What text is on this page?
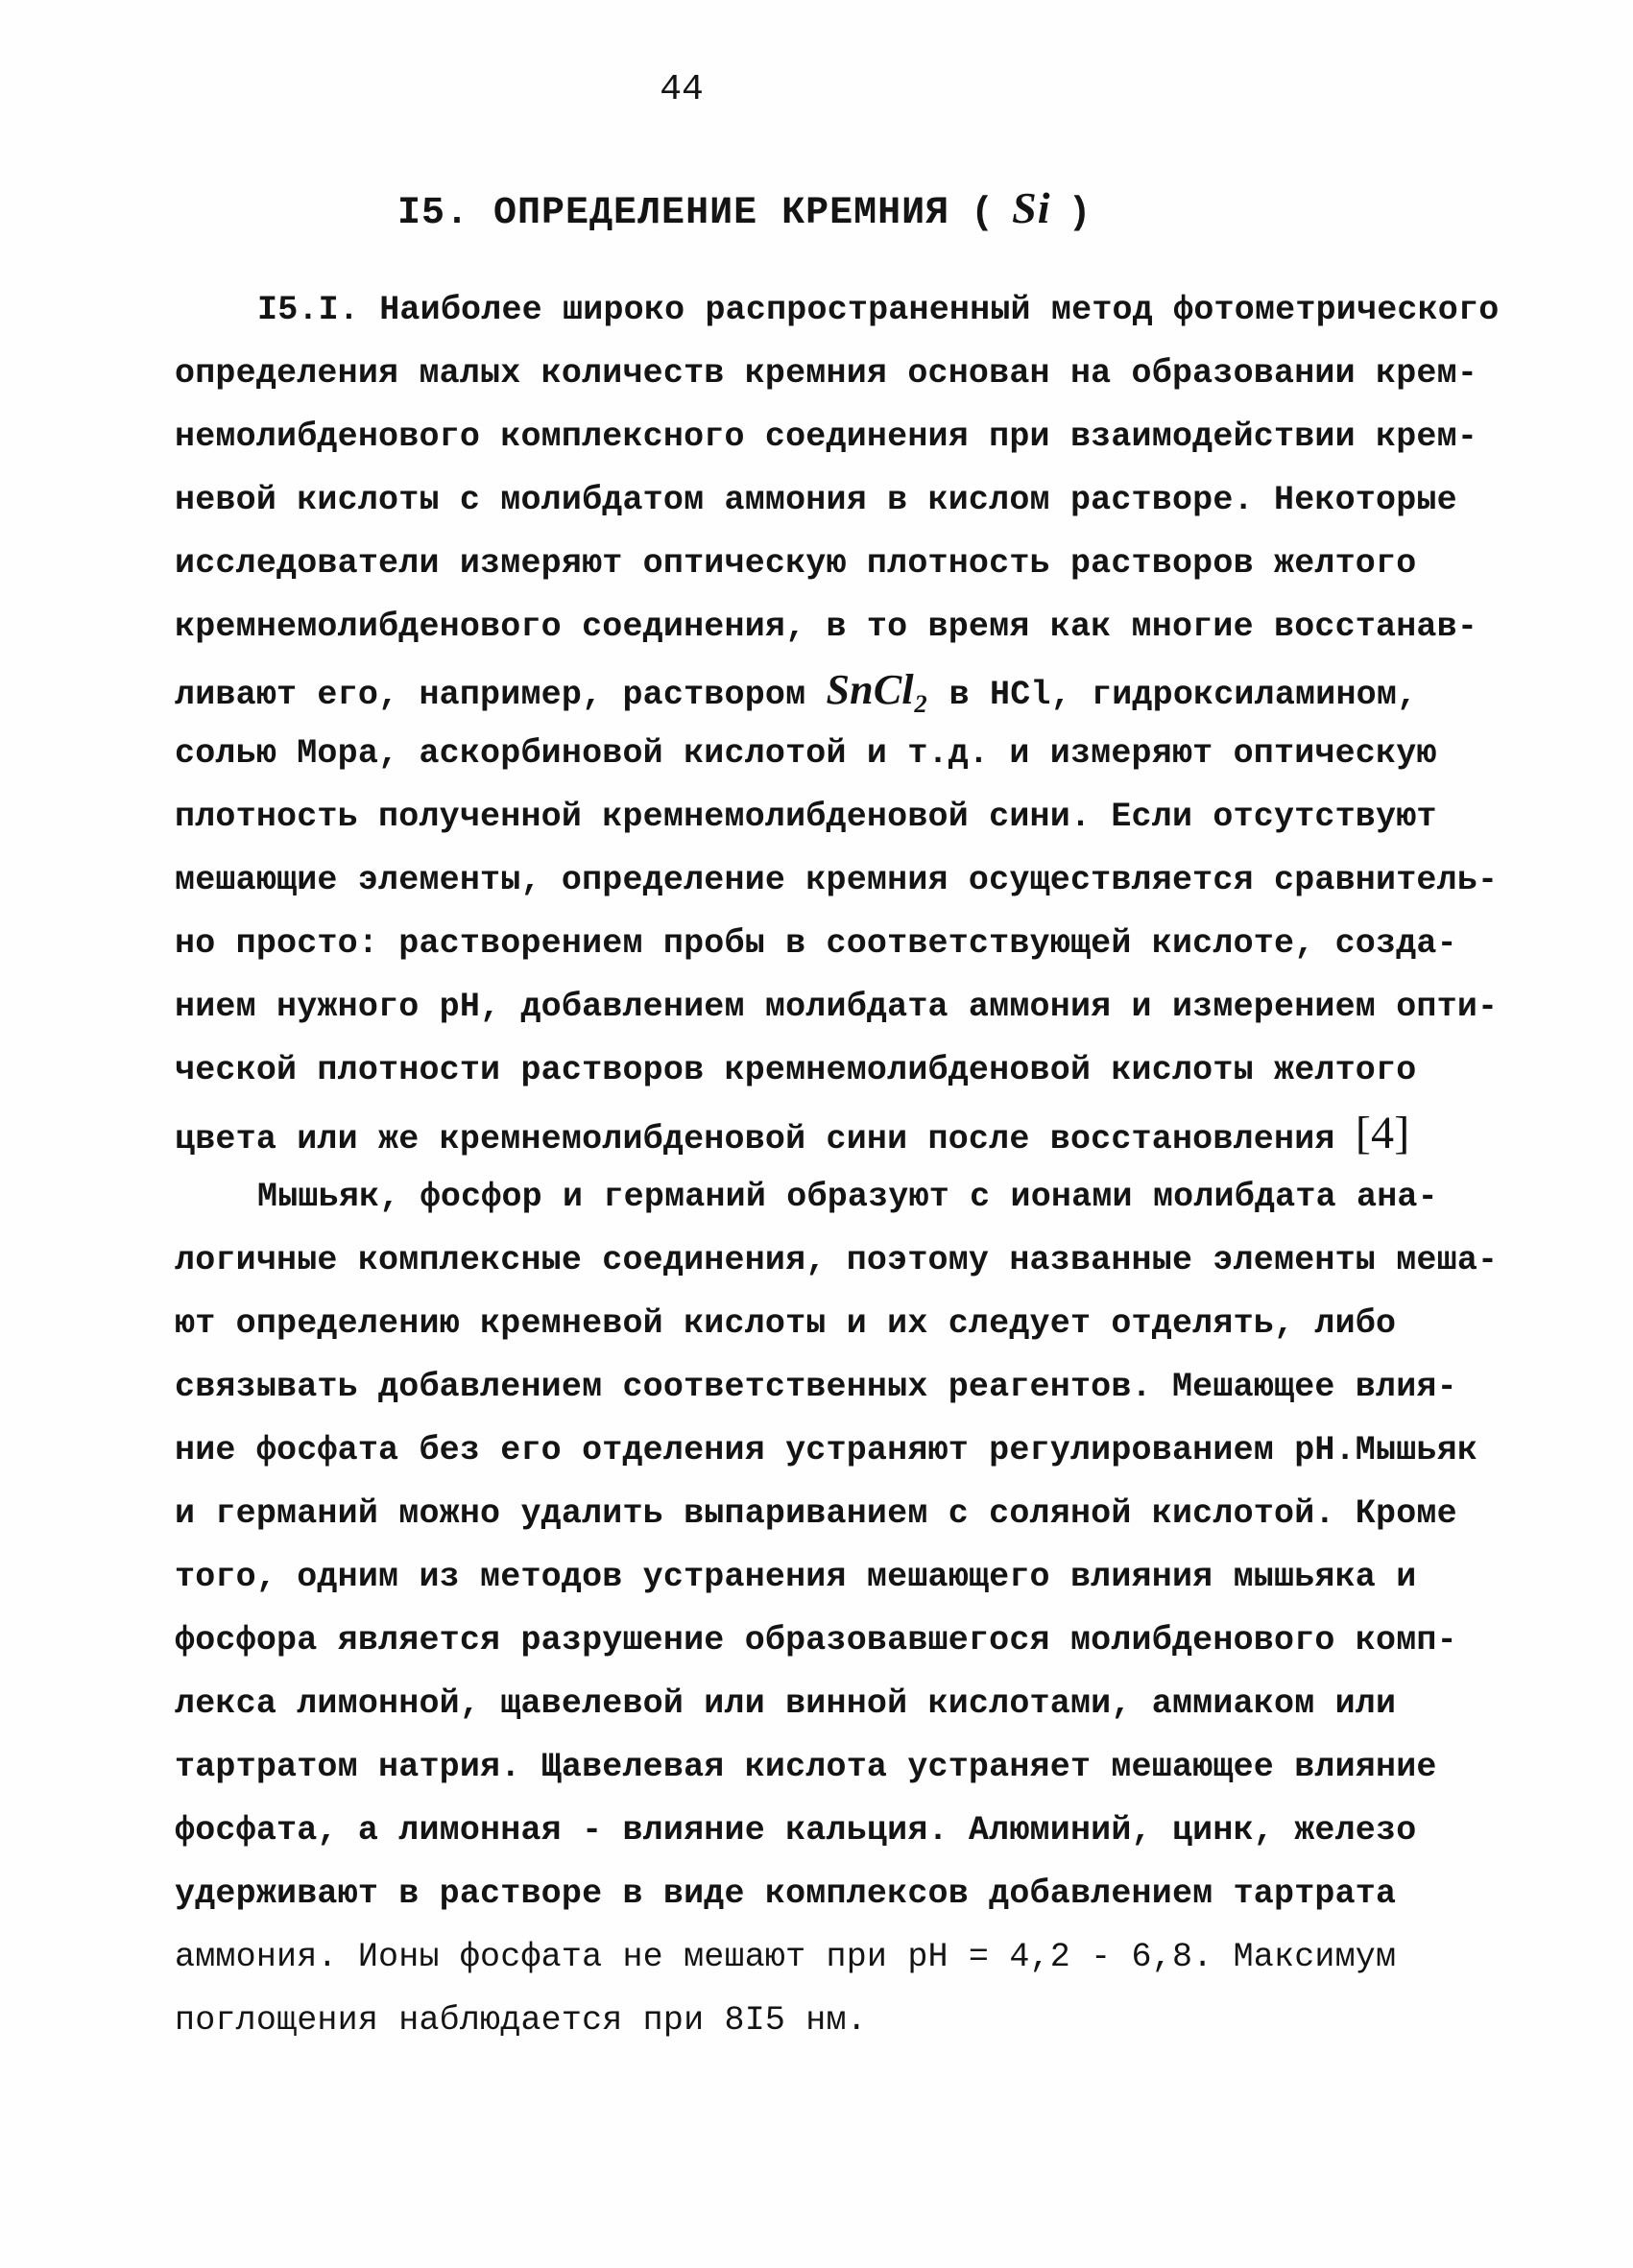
44
I5. ОПРЕДЕЛЕНИЕ КРЕМНИЯ ( Si )
I5.I. Наиболее широко распространенный метод фотометрического
определения малых количеств кремния основан на образовании крем-
немолибденового комплексного соединения при взаимодействии крем-
невой кислоты с молибдатом аммония в кислом растворе. Некоторые
исследователи измеряют оптическую плотность растворов желтого
кремнемолибденового соединения, в то время как многие восстанав-
ливают его, например, раствором SnCl₂ в HCl, гидроксиламином,
солью Мора, аскорбиновой кислотой и т.д. и измеряют оптическую
плотность полученной кремнемолибденовой сини. Если отсутствуют
мешающие элементы, определение кремния осуществляется сравнитель-
но просто: растворением пробы в соответствующей кислоте, созда-
нием нужного pH, добавлением молибдата аммония и измерением опти-
ческой плотности растворов кремнемолибденовой кислоты желтого
цвета или же кремнемолибденовой сини после восстановления [4]
Мышьяк, фосфор и германий образуют с ионами молибдата ана-
логичные комплексные соединения, поэтому названные элементы меша-
ют определению кремневой кислоты и их следует отделять, либо
связывать добавлением соответственных реагентов. Мешающее влия-
ние фосфата без его отделения устраняют регулированием pH.Мышьяк
и германий можно удалить выпариванием с соляной кислотой. Кроме
того, одним из методов устранения мешающего влияния мышьяка и
фосфора является разрушение образовавшегося молибденового комп-
лекса лимонной, щавелевой или винной кислотами, аммиаком или
тартратом натрия. Щавелевая кислота устраняет мешающее влияние
фосфата, а лимонная - влияние кальция. Алюминий, цинк, железо
удерживают в растворе в виде комплексов добавлением тартрата
аммония. Ионы фосфата не мешают при pH = 4,2 - 6,8. Максимум
поглощения наблюдается при 8I5 нм.
